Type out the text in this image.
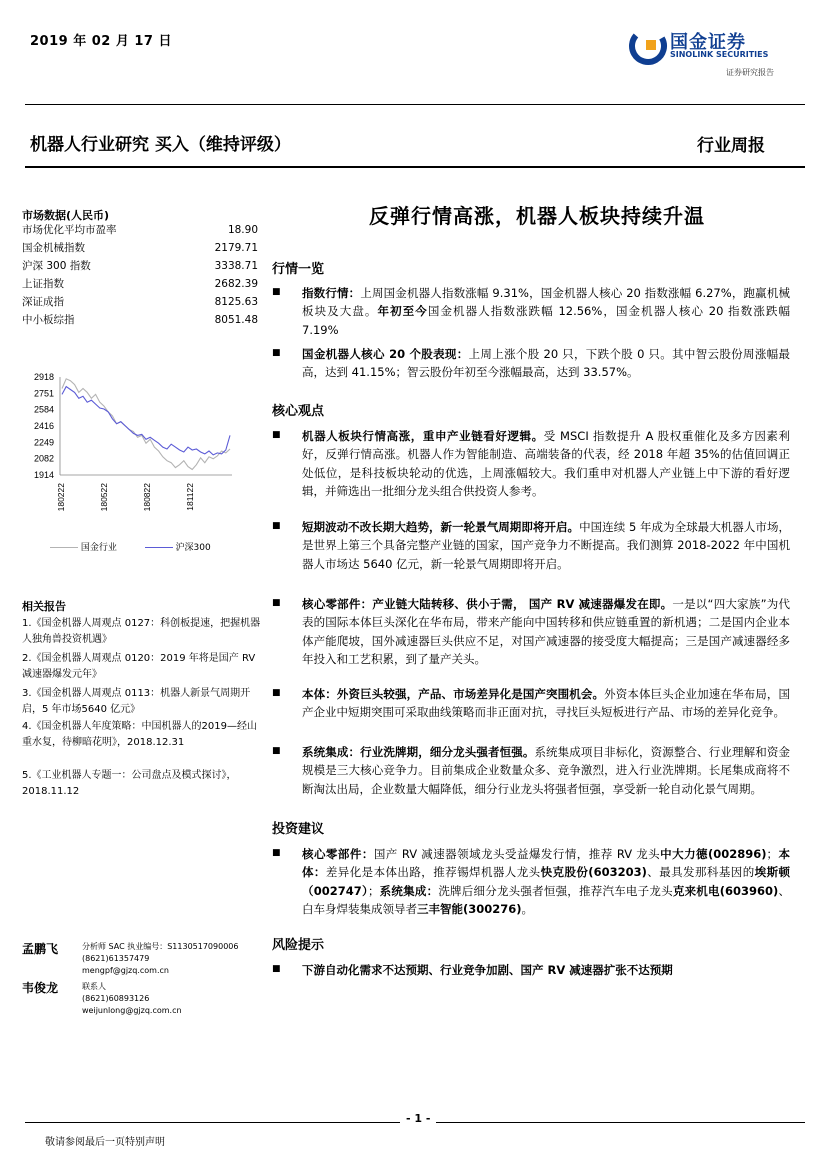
2019 年 02 月 17 日	国金证券
SINOLINK SECURITIES
证券研究报告
机器人行业研究 买入（维持评级）	行业周报
市场数据(人民币)
市场优化平均市盈率	18.90
国金机械指数	2179.71
沪深 300 指数	3338.71
上证指数	2682.39
深证成指	8125.63
中小板综指	8051.48
2918
2751
2584
2416
2249
2082
1914
180222	180522	180822	181122
国金行业	沪深300
相关报告
1.《国金机器人周观点 0127：科创板提速，把握机器人独角兽投资机遇》
2.《国金机器人周观点 0120：2019 年将是国产 RV 减速器爆发元年》
3.《国金机器人周观点 0113：机器人新景气周期开启，5 年市场5640 亿元》
4.《国金机器人年度策略：中国机器人的2019—经山重水复，待柳暗花明》，2018.12.31
5.《工业机器人专题一：公司盘点及模式探讨》，2018.11.12
孟鹏飞	分析师 SAC 执业编号：S1130517090006
(8621)61357479
mengpf@gjzq.com.cn
韦俊龙	联系人
(8621)60893126
weijunlong@gjzq.com.cn
反弹行情高涨，机器人板块持续升温
行情一览
■ 指数行情：上周国金机器人指数涨幅 9.31%，国金机器人核心 20 指数涨幅 6.27%，跑赢机械板块及大盘。年初至今国金机器人指数涨跌幅 12.56%，国金机器人核心 20 指数涨跌幅 7.19%
■ 国金机器人核心 20 个股表现：上周上涨个股 20 只，下跌个股 0 只。其中智云股份周涨幅最高，达到 41.15%；智云股份年初至今涨幅最高，达到 33.57%。
核心观点
■ 机器人板块行情高涨，重申产业链看好逻辑。受 MSCI 指数提升 A 股权重催化及多方因素利好，反弹行情高涨。机器人作为智能制造、高端装备的代表，经 2018 年超 35%的估值回调正处低位，是科技板块轮动的优选，上周涨幅较大。我们重申对机器人产业链上中下游的看好逻辑，并筛选出一批细分龙头组合供投资人参考。
■ 短期波动不改长期大趋势，新一轮景气周期即将开启。中国连续 5 年成为全球最大机器人市场，是世界上第三个具备完整产业链的国家，国产竞争力不断提高。我们测算 2018-2022 年中国机器人市场达 5640 亿元，新一轮景气周期即将开启。
■ 核心零部件：产业链大陆转移、供小于需， 国产 RV 减速器爆发在即。一是以“四大家族”为代表的国际本体巨头深化在华布局，带来产能向中国转移和供应链重置的新机遇；二是国内企业本体产能爬坡，国外减速器巨头供应不足，对国产减速器的接受度大幅提高；三是国产减速器经多年投入和工艺积累，到了量产关头。
■ 本体：外资巨头较强，产品、市场差异化是国产突围机会。外资本体巨头企业加速在华布局，国产企业中短期突围可采取曲线策略而非正面对抗，寻找巨头短板进行产品、市场的差异化竞争。
■ 系统集成：行业洗牌期，细分龙头强者恒强。系统集成项目非标化，资源整合、行业理解和资金规模是三大核心竞争力。目前集成企业数量众多、竞争激烈，进入行业洗牌期。长尾集成商将不断淘汰出局，企业数量大幅降低，细分行业龙头将强者恒强，享受新一轮自动化景气周期。
投资建议
■ 核心零部件：国产 RV 减速器领域龙头受益爆发行情，推荐 RV 龙头中大力德(002896)；本体：差异化是本体出路，推荐锡焊机器人龙头快克股份(603203)、最具发那科基因的埃斯顿（002747）；系统集成：洗牌后细分龙头强者恒强，推荐汽车电子龙头克来机电(603960)、白车身焊装集成领导者三丰智能(300276)。
风险提示
■ 下游自动化需求不达预期、行业竞争加剧、国产 RV 减速器扩张不达预期
- 1 -
敬请参阅最后一页特别声明
